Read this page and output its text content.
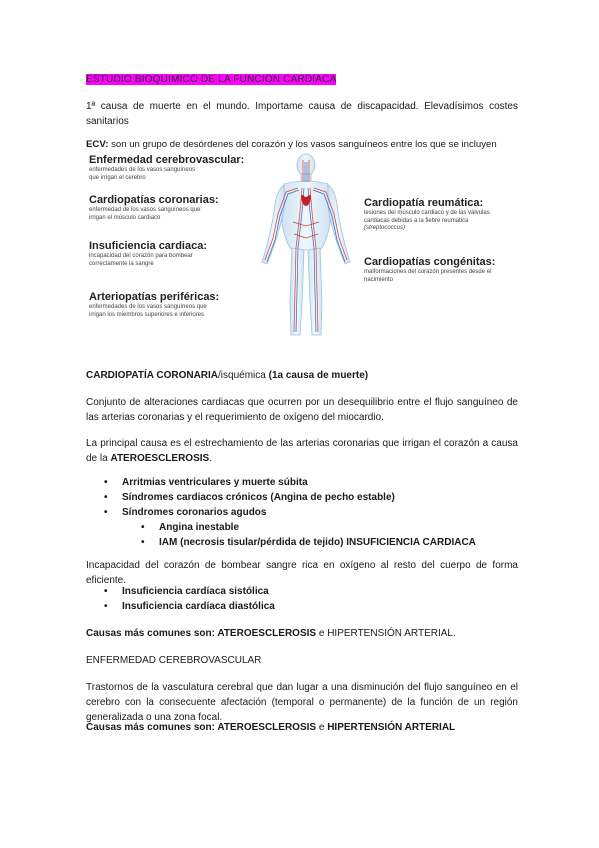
ESTUDIO BIOQUIMICO DE LA FUNCION CARDIACA

1ª causa de muerte en el mundo. Importame causa de discapacidad. Elevadísimos costes sanitarios

ECV: son un grupo de desórdenes del corazón y los vasos sanguíneos entre los que se incluyen

Enfermedad cerebrovascular:
enfermedades de los vasos sanguíneos que irrigan el cerebro
Cardiopatías coronarias:
enfermedad de los vasos sanguíneos que irrigan el músculo cardiaco
Insuficiencia cardiaca:
incapacidad del corazón para bombear correctamente la sangre
Arteriopatías periféricas:
enfermedades de los vasos sanguíneos que irrigan los miembros superiores e inferiores
Cardiopatía reumática:
lesiones del músculo cardiaco y de las válvulas cardiacas debidas a la fiebre reumática (streptococcus)
Cardiopatías congénitas:
malformaciones del corazón presentes desde el nacimiento

CARDIOPATÍA CORONARIA/isquémica (1a causa de muerte)

Conjunto de alteraciones cardiacas que ocurren por un desequilibrio entre el flujo sanguíneo de las arterias coronarias y el requerimiento de oxígeno del miocardio.

La principal causa es el estrechamiento de las arterias coronarias que irrigan el corazón a causa de la ATEROESCLEROSIS.

• Arritmias ventriculares y muerte súbita
• Síndromes cardiacos crónicos (Angina de pecho estable)
• Síndromes coronarios agudos
• Angina inestable
• IAM (necrosis tisular/pérdida de tejido) INSUFICIENCIA CARDIACA

Incapacidad del corazón de bombear sangre rica en oxígeno al resto del cuerpo de forma eficiente.

• Insuficiencia cardíaca sistólica
• Insuficiencia cardíaca diastólica

Causas más comunes son: ATEROESCLEROSIS e HIPERTENSIÓN ARTERIAL.

ENFERMEDAD CEREBROVASCULAR

Trastornos de la vasculatura cerebral que dan lugar a una disminución del flujo sanguíneo en el cerebro con la consecuente afectación (temporal o permanente) de la función de un región generalizada o una zona focal.

Causas más comunes son: ATEROESCLEROSIS e HIPERTENSIÓN ARTERIAL
